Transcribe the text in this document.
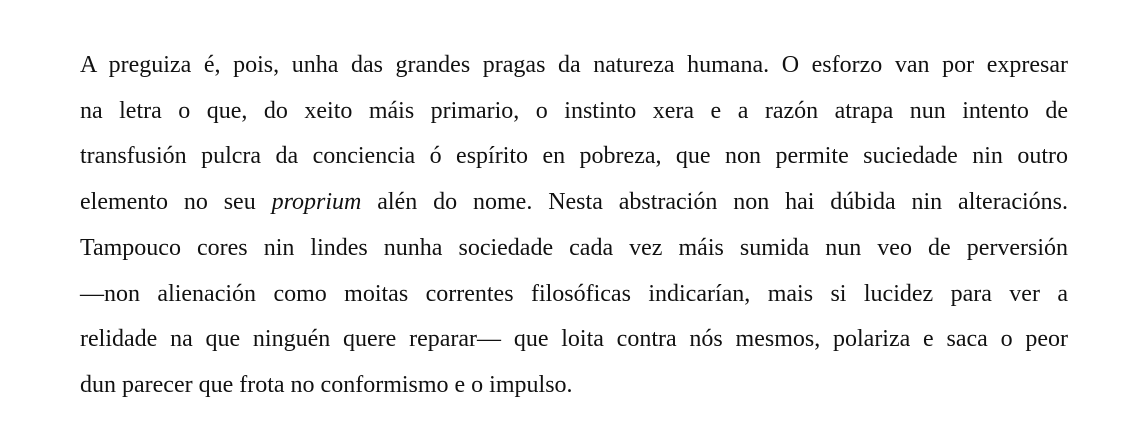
A preguiza é, pois, unha das grandes pragas da natureza humana. O esforzo van por expresar
na letra o que, do xeito máis primario, o instinto xera e a razón atrapa nun intento de
transfusión pulcra da conciencia ó espírito en pobreza, que non permite suciedade nin outro
elemento no seu proprium alén do nome. Nesta abstración non hai dúbida nin alteracións.
Tampouco cores nin lindes nunha sociedade cada vez máis sumida nun veo de perversión
—non alienación como moitas correntes filosóficas indicarían, mais si lucidez para ver a
relidade na que ninguén quere reparar— que loita contra nós mesmos, polariza e saca o peor
dun parecer que frota no conformismo e o impulso.
